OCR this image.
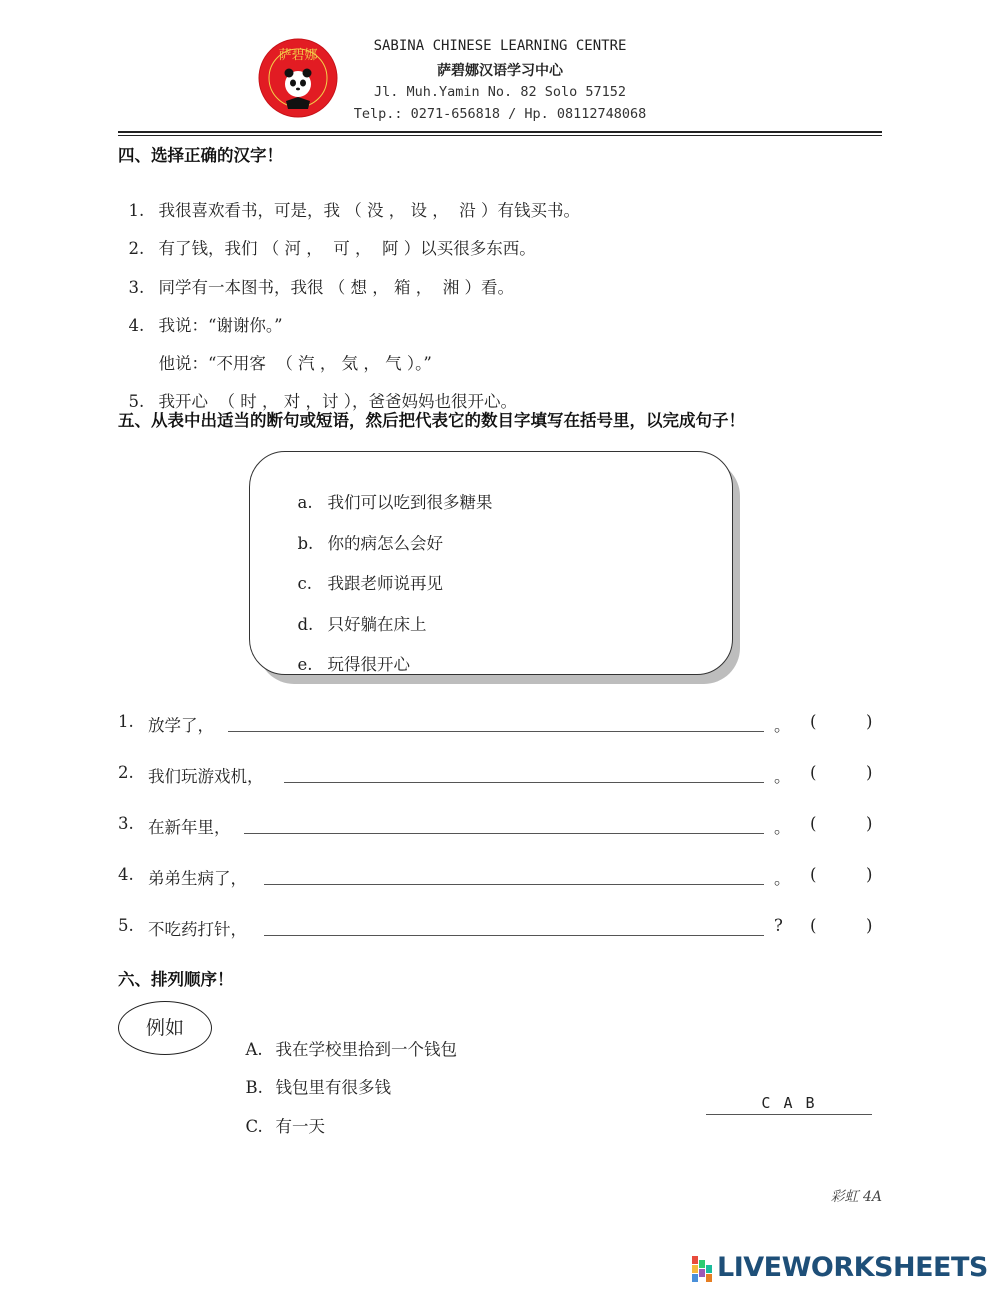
萨碧娜
SABINA CHINESE LEARNING CENTRE
萨碧娜汉语学习中心
Jl. Muh.Yamin No. 82 Solo 57152
Telp.: 0271-656818 / Hp. 08112748068
四、选择正确的汉字！

1. 我很喜欢看书，可是，我 （ 没 ， 设 ，  沿 ）有钱买书。

2. 有了钱，我们 （ 河 ，  可 ，  阿 ）以买很多东西。

3. 同学有一本图书，我很 （ 想 ， 箱 ，  湘 ）看。

4. 我说：“谢谢你。”

他说：“不用客  （ 汽 ， 気 ， 气 ）。”

5. 我开心  （ 时 ， 对 ，讨 ），爸爸妈妈也很开心。

五、从表中出适当的断句或短语，然后把代表它的数目字填写在括号里，以完成句子！

a. 我们可以吃到很多糖果

b. 你的病怎么会好

c. 我跟老师说再见

d. 只好躺在床上

e. 玩得很开心

1. 放学了，	。 (	)
2. 我们玩游戏机，	。 (	)
3. 在新年里，	。 (	)
4. 弟弟生病了，	。 (	)
5. 不吃药打针，	? (	)
六、排列顺序！
例如

A. 我在学校里拾到一个钱包

B. 钱包里有很多钱

C. 有一天

C A B
彩虹 4A
LIVEWORKSHEETS
